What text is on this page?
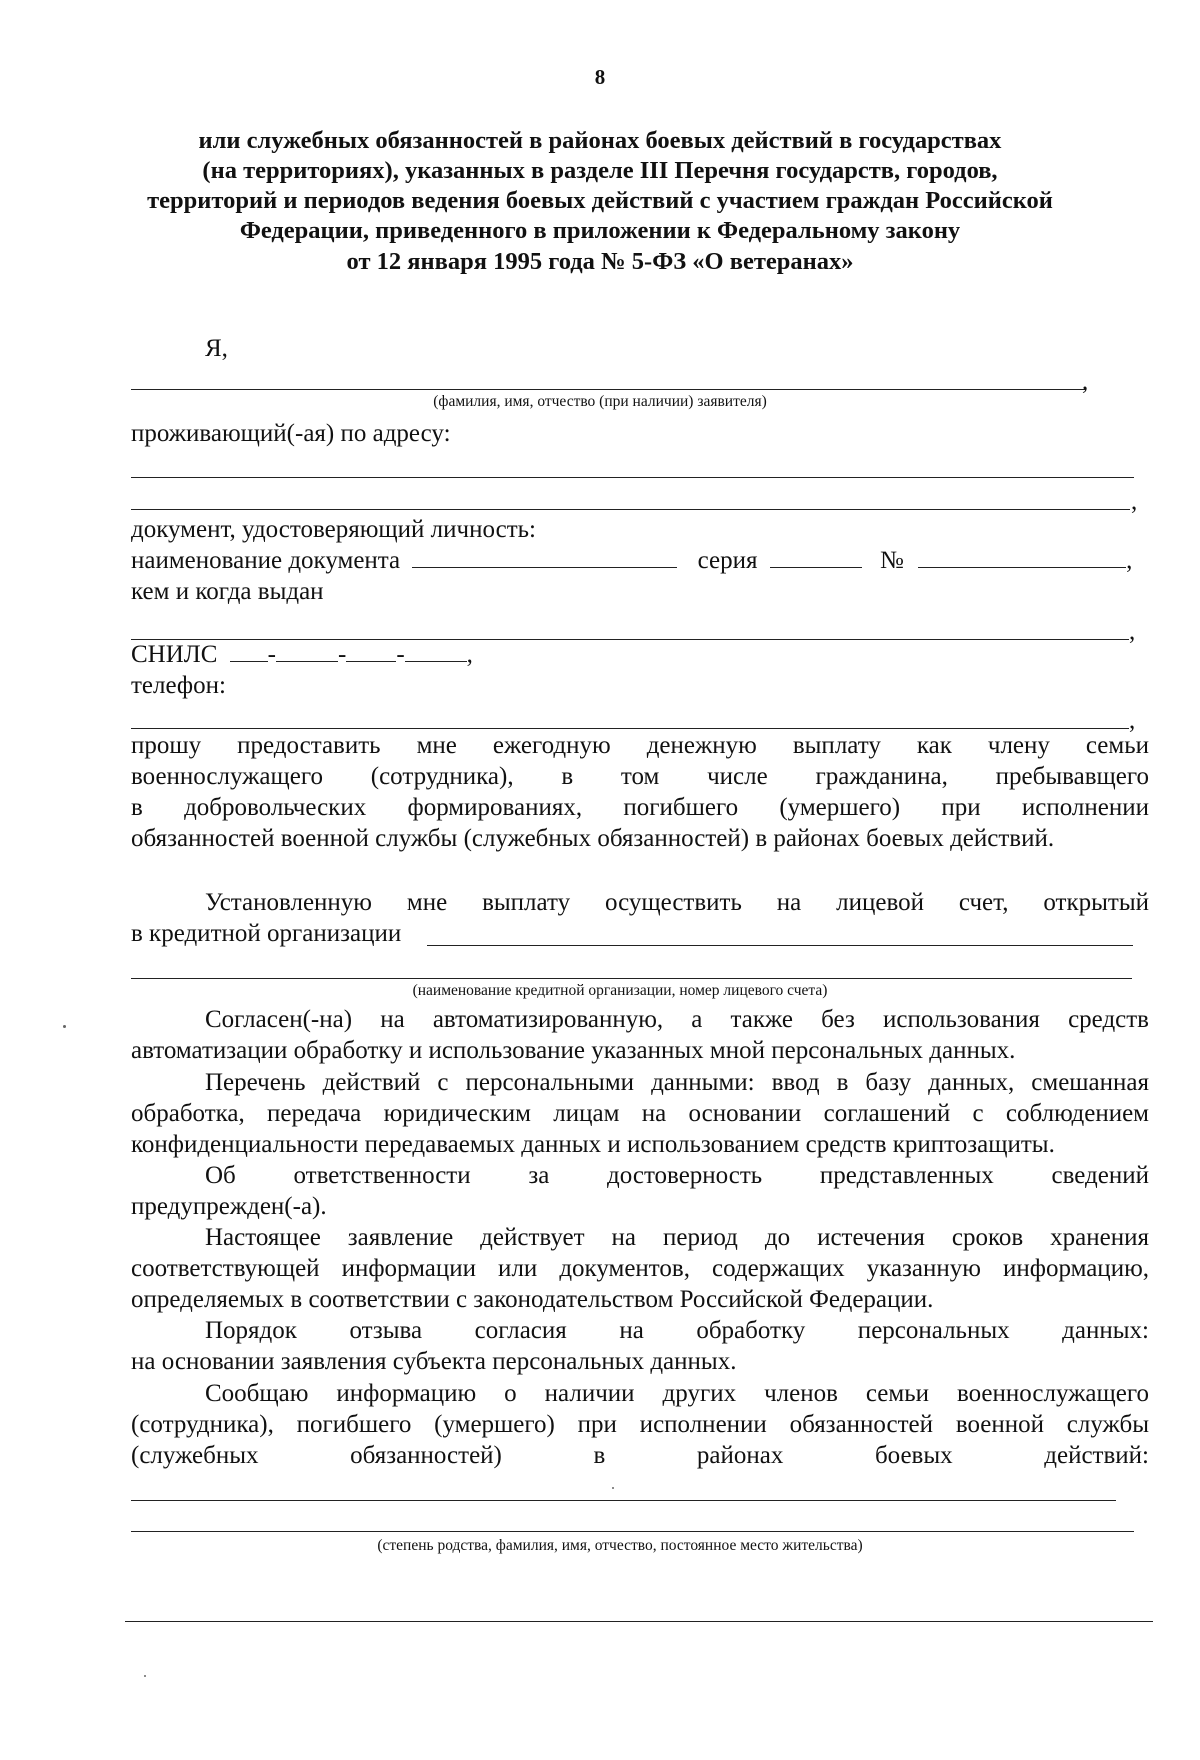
8
или служебных обязанностей в районах боевых действий в государствах
(на территориях), указанных в разделе III Перечня государств, городов,
территорий и периодов ведения боевых действий с участием граждан Российской
Федерации, приведенного в приложении к Федеральному закону
от 12 января 1995 года № 5-ФЗ «О ветеранах»
Я,
,
(фамилия, имя, отчество (при наличии) заявителя)
проживающий(-ая) по адресу:
,
документ, удостоверяющий личность:
наименование документа	серия	№	,
кем и когда выдан
,
СНИЛС - - - ,
телефон:
,
прошу предоставить мне ежегодную денежную выплату как члену семьи
военнослужащего (сотрудника), в том числе гражданина, пребывавщего
в добровольческих формированиях, погибшего (умершего) при исполнении
обязанностей военной службы (служебных обязанностей) в районах боевых действий.
Установленную мне выплату осуществить на лицевой счет, открытый
в кредитной организации
(наименование кредитной организации, номер лицевого счета)
Согласен(-на) на автоматизированную, а также без использования средств
автоматизации обработку и использование указанных мной персональных данных.
Перечень действий с персональными данными: ввод в базу данных, смешанная
обработка, передача юридическим лицам на основании соглашений с соблюдением
конфиденциальности передаваемых данных и использованием средств криптозащиты.
Об ответственности за достоверность представленных сведений
предупрежден(-а).
Настоящее заявление действует на период до истечения сроков хранения
соответствующей информации или документов, содержащих указанную информацию,
определяемых в соответствии с законодательством Российской Федерации.
Порядок отзыва согласия на обработку персональных данных:
на основании заявления субъекта персональных данных.
Сообщаю информацию о наличии других членов семьи военнослужащего
(сотрудника), погибшего (умершего) при исполнении обязанностей военной службы
(служебных обязанностей) в районах боевых действий:
(степень родства, фамилия, имя, отчество, постоянное место жительства)
